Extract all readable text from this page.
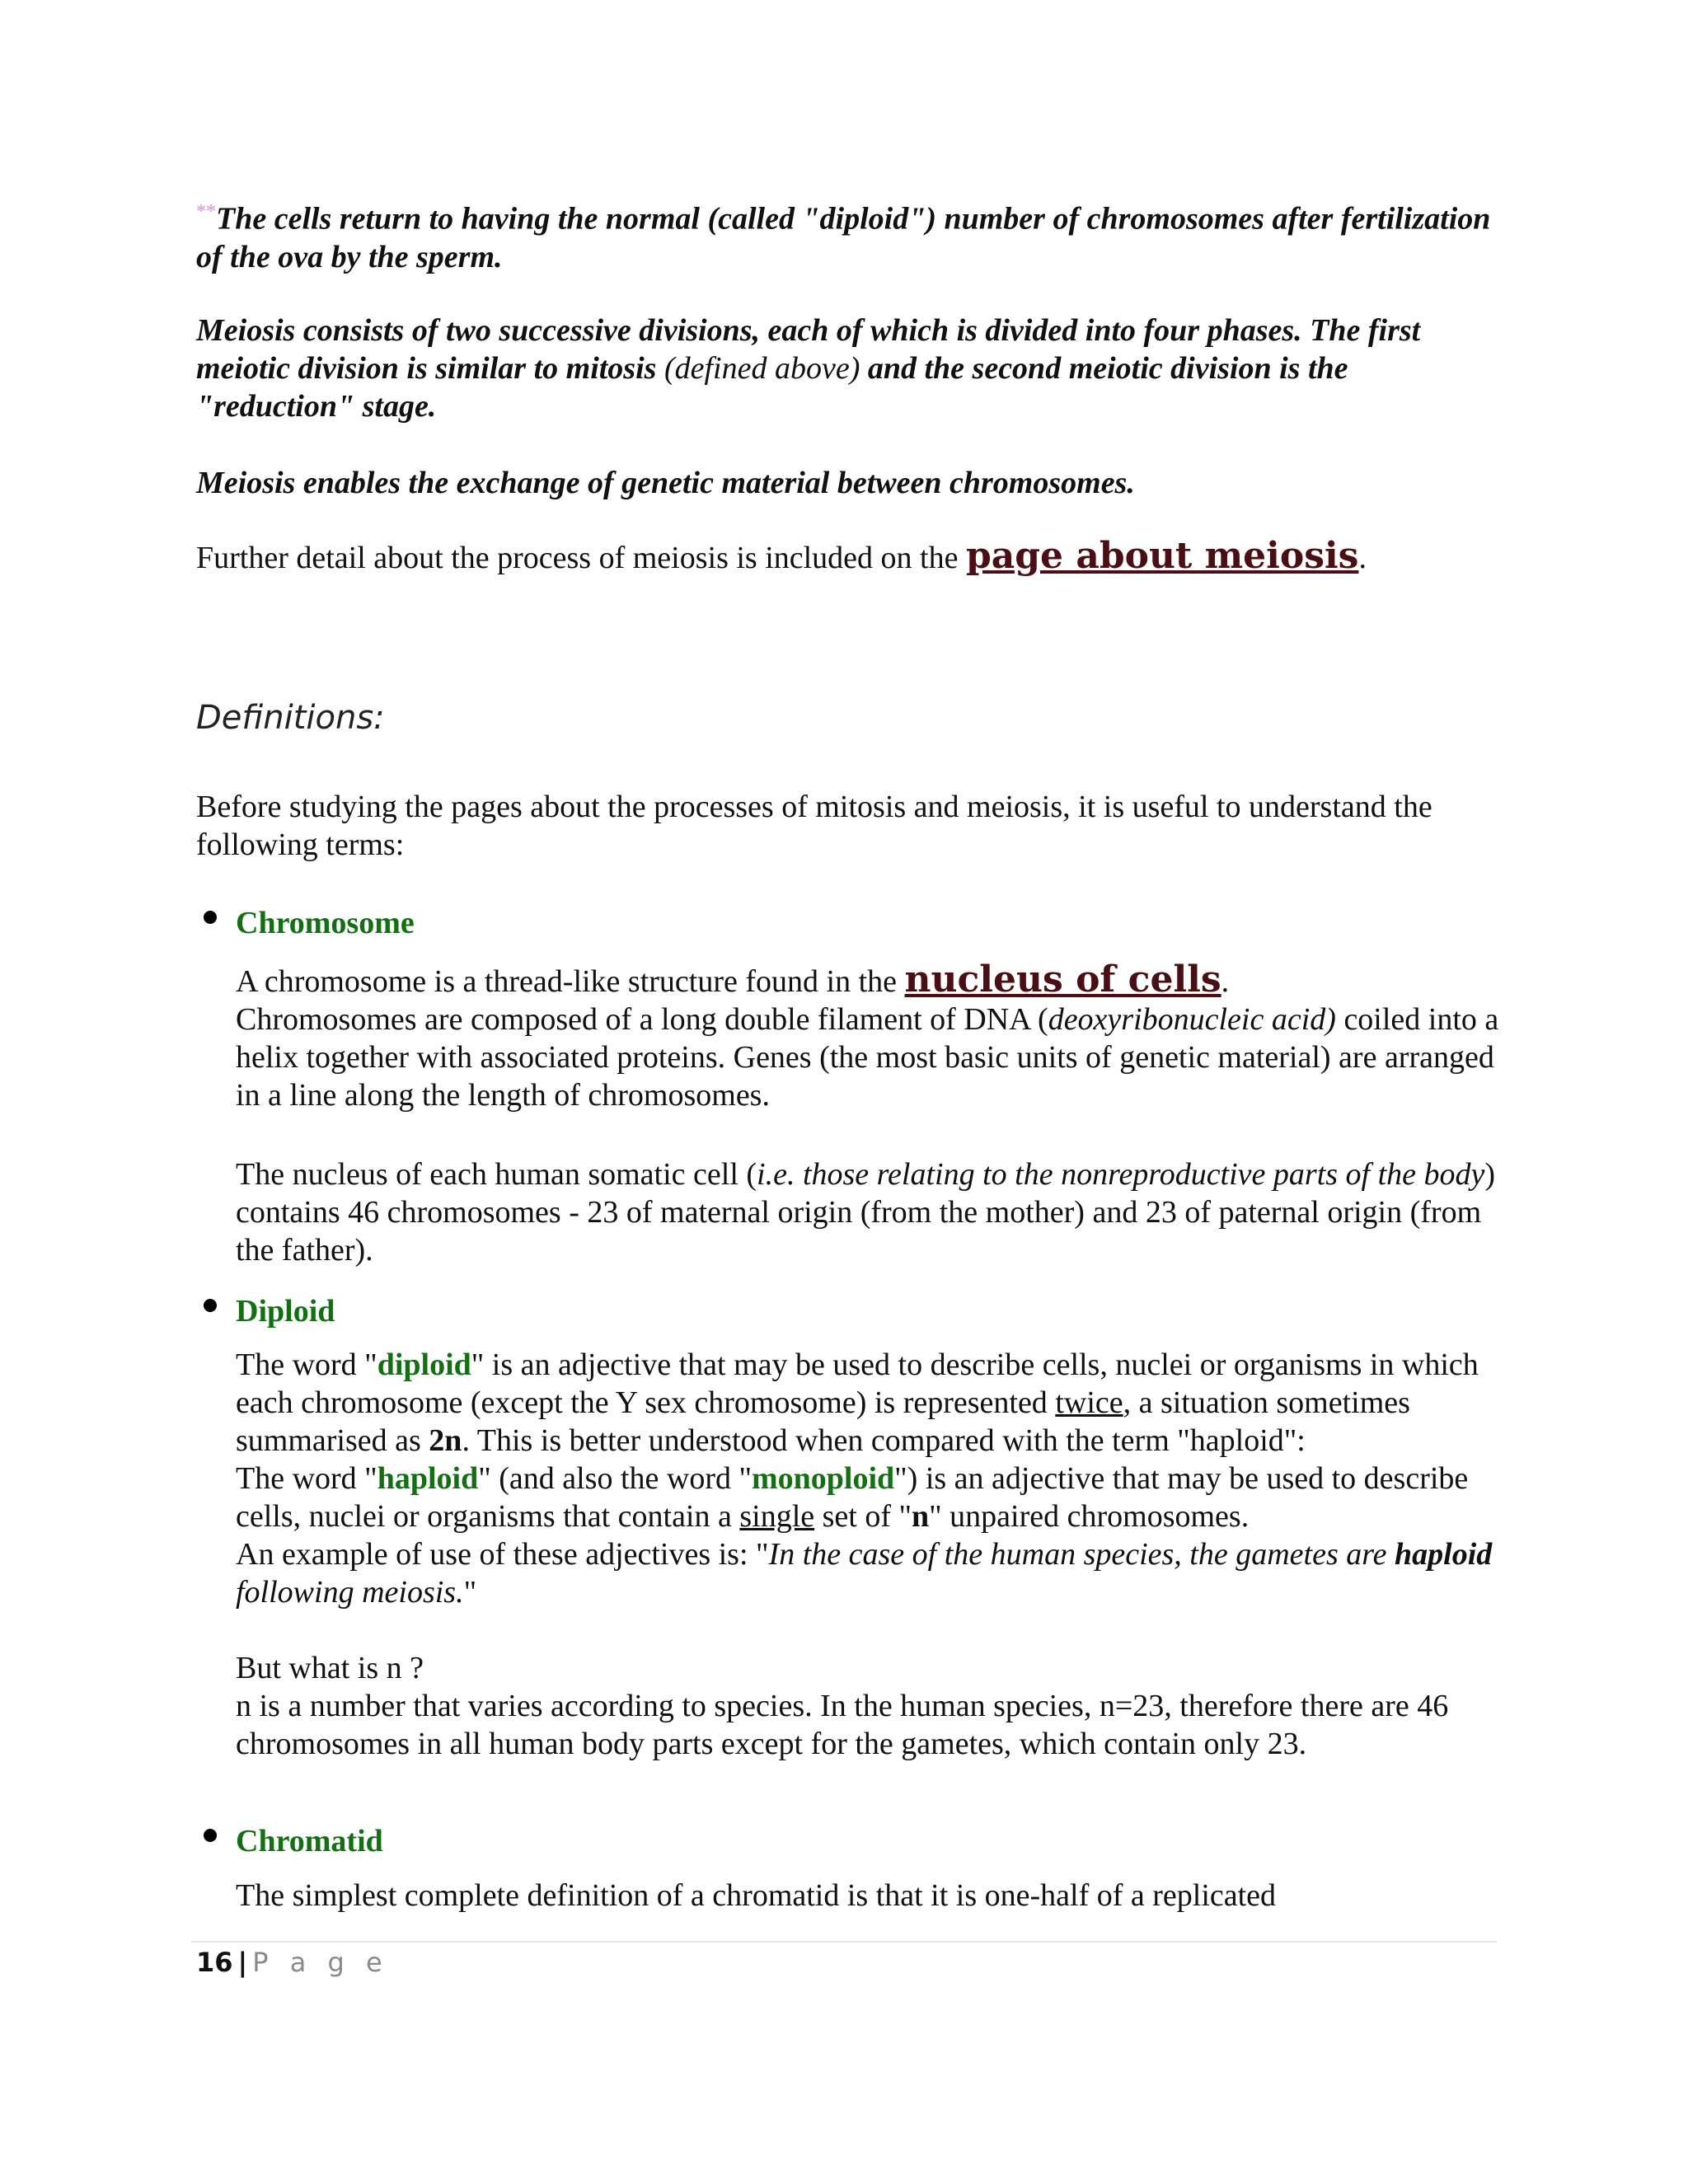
**The cells return to having the normal (called "diploid") number of chromosomes after fertilization of the ova by the sperm.
Meiosis consists of two successive divisions, each of which is divided into four phases. The first meiotic division is similar to mitosis (defined above) and the second meiotic division is the "reduction" stage.
Meiosis enables the exchange of genetic material between chromosomes.
Further detail about the process of meiosis is included on the page about meiosis.
Definitions:
Before studying the pages about the processes of mitosis and meiosis, it is useful to understand the following terms:
Chromosome
A chromosome is a thread-like structure found in the nucleus of cells.
Chromosomes are composed of a long double filament of DNA (deoxyribonucleic acid) coiled into a helix together with associated proteins. Genes (the most basic units of genetic material) are arranged in a line along the length of chromosomes.
The nucleus of each human somatic cell (i.e. those relating to the nonreproductive parts of the body) contains 46 chromosomes - 23 of maternal origin (from the mother) and 23 of paternal origin (from the father).
Diploid
The word "diploid" is an adjective that may be used to describe cells, nuclei or organisms in which each chromosome (except the Y sex chromosome) is represented twice, a situation sometimes summarised as 2n. This is better understood when compared with the term "haploid":
The word "haploid" (and also the word "monoploid") is an adjective that may be used to describe cells, nuclei or organisms that contain a single set of "n" unpaired chromosomes.
An example of use of these adjectives is: "In the case of the human species, the gametes are haploid following meiosis."
But what is n ?
n is a number that varies according to species. In the human species, n=23, therefore there are 46 chromosomes in all human body parts except for the gametes, which contain only 23.
Chromatid
The simplest complete definition of a chromatid is that it is one-half of a replicated
16 | P a g e
